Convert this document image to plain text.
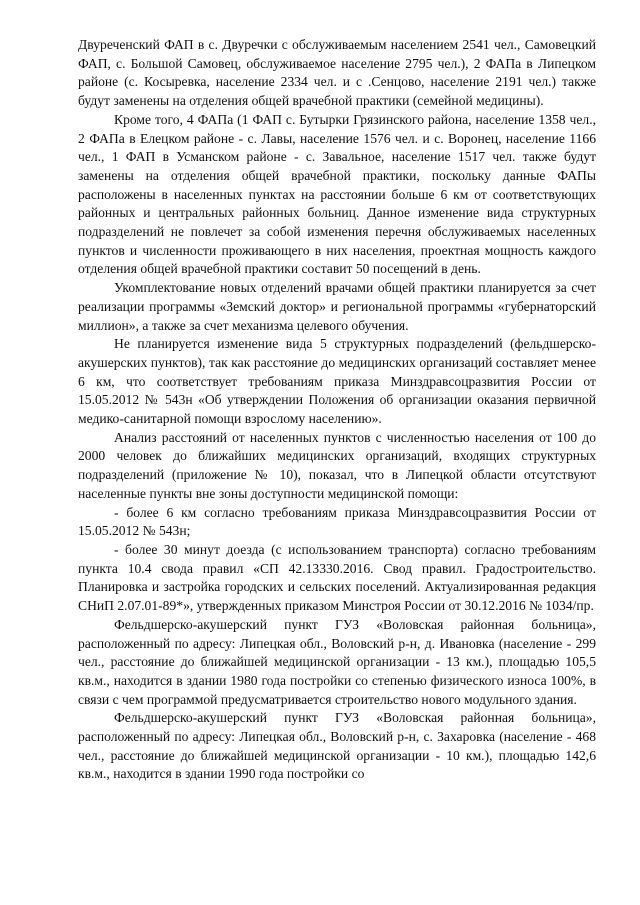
Двуреченский ФАП в с. Двуречки с обслуживаемым населением 2541 чел., Самовецкий ФАП, с. Большой Самовец, обслуживаемое население 2795 чел.), 2 ФАПа в Липецком районе (с. Косыревка, население 2334 чел. и с .Сенцово, население 2191 чел.) также будут заменены на отделения общей врачебной практики (семейной медицины).

Кроме того, 4 ФАПа (1 ФАП с. Бутырки Грязинского района, население 1358 чел., 2 ФАПа в Елецком районе - с. Лавы, население 1576 чел. и с. Воронец, население 1166 чел., 1 ФАП в Усманском районе - с. Завальное, население 1517 чел. также будут заменены на отделения общей врачебной практики, поскольку данные ФАПы расположены в населенных пунктах на расстоянии больше 6 км от соответствующих районных и центральных районных больниц. Данное изменение вида структурных подразделений не повлечет за собой изменения перечня обслуживаемых населенных пунктов и численности проживающего в них населения, проектная мощность каждого отделения общей врачебной практики составит 50 посещений в день.

Укомплектование новых отделений врачами общей практики планируется за счет реализации программы «Земский доктор» и региональной программы «губернаторский миллион», а также за счет механизма целевого обучения.

Не планируется изменение вида 5 структурных подразделений (фельдшерско-акушерских пунктов), так как расстояние до медицинских организаций составляет менее 6 км, что соответствует требованиям приказа Минздравсоцразвития России от 15.05.2012 № 543н «Об утверждении Положения об организации оказания первичной медико-санитарной помощи взрослому населению».

Анализ расстояний от населенных пунктов с численностью населения от 100 до 2000 человек до ближайших медицинских организаций, входящих структурных подразделений (приложение № 10), показал, что в Липецкой области отсутствуют населенные пункты вне зоны доступности медицинской помощи:

- более 6 км согласно требованиям приказа Минздравсоцразвития России от 15.05.2012 № 543н;

- более 30 минут доезда (с использованием транспорта) согласно требованиям пункта 10.4 свода правил «СП 42.13330.2016. Свод правил. Градостроительство. Планировка и застройка городских и сельских поселений. Актуализированная редакция СНиП 2.07.01-89*», утвержденных приказом Минстроя России от 30.12.2016 № 1034/пр.

Фельдшерско-акушерский пункт ГУЗ «Воловская районная больница», расположенный по адресу: Липецкая обл., Воловский р-н, д. Ивановка (население - 299 чел., расстояние до ближайшей медицинской организации - 13 км.), площадью 105,5 кв.м., находится в здании 1980 года постройки со степенью физического износа 100%, в связи с чем программой предусматривается строительство нового модульного здания.

Фельдшерско-акушерский пункт ГУЗ «Воловская районная больница», расположенный по адресу: Липецкая обл., Воловский р-н, с. Захаровка (население - 468 чел., расстояние до ближайшей медицинской организации - 10 км.), площадью 142,6 кв.м., находится в здании 1990 года постройки со
